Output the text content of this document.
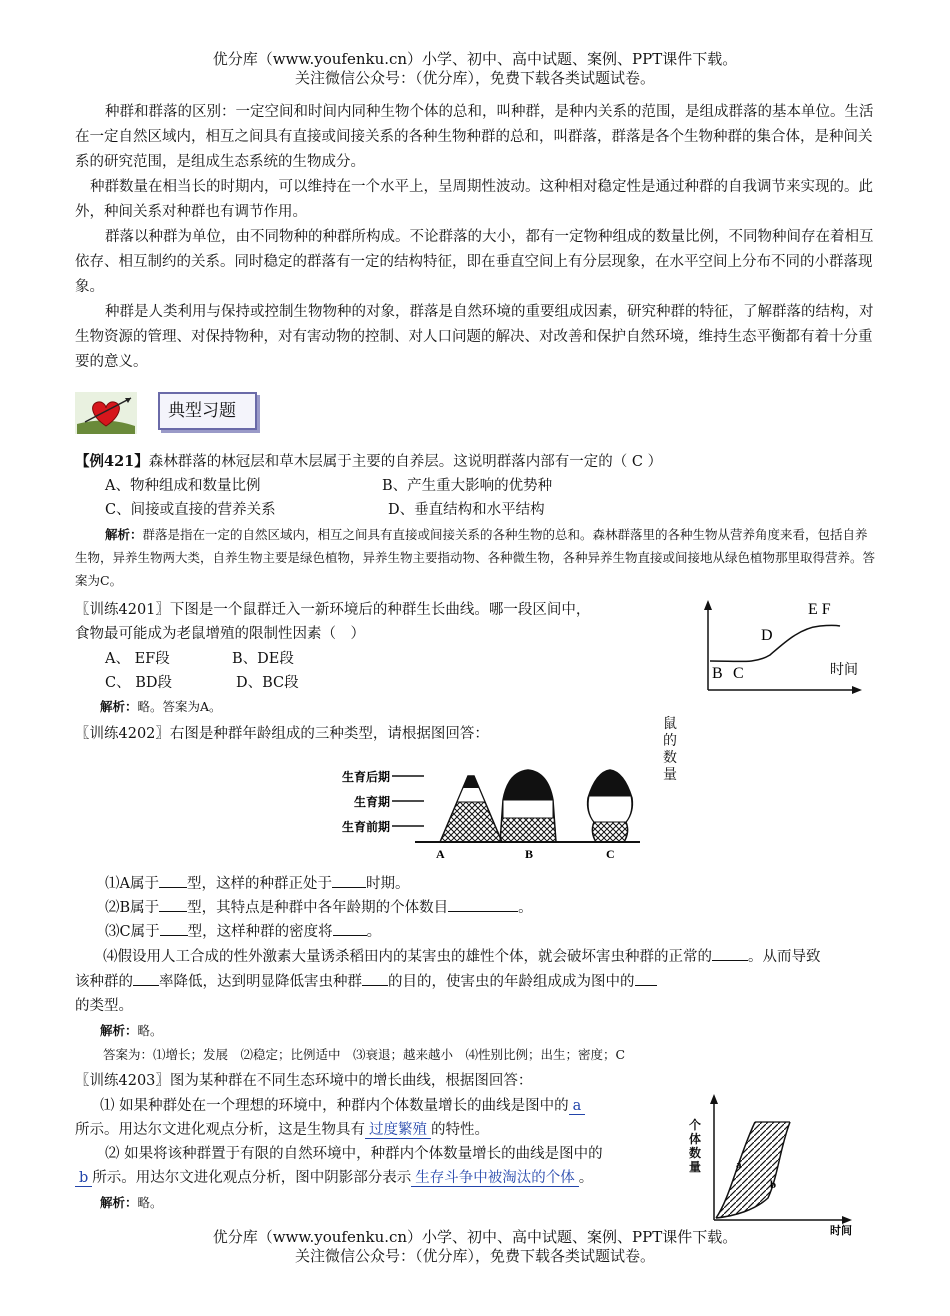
优分库（www.youfenku.cn）小学、初中、高中试题、案例、PPT课件下载。
关注微信公众号：（优分库），免费下载各类试题试卷。
种群和群落的区别：一定空间和时间内同种生物个体的总和，叫种群，是种内关系的范围，是组成群落的基本单位。生活在一定自然区域内，相互之间具有直接或间接关系的各种生物种群的总和，叫群落，群落是各个生物种群的集合体，是种间关系的研究范围，是组成生态系统的生物成分。
种群数量在相当长的时期内，可以维持在一个水平上，呈周期性波动。这种相对稳定性是通过种群的自我调节来实现的。此外，种间关系对种群也有调节作用。
群落以种群为单位，由不同物种的种群所构成。不论群落的大小，都有一定物种组成的数量比例，不同物种间存在着相互依存、相互制约的关系。同时稳定的群落有一定的结构特征，即在垂直空间上有分层现象，在水平空间上分布不同的小群落现象。
种群是人类利用与保持或控制生物物种的对象，群落是自然环境的重要组成因素，研究种群的特征，了解群落的结构，对生物资源的管理、对保持物种，对有害动物的控制、对人口问题的解决、对改善和保护自然环境，维持生态平衡都有着十分重要的意义。
典型习题
【例421】森林群落的林冠层和草木层属于主要的自养层。这说明群落内部有一定的（ C ）
A、物种组成和数量比例	B、产生重大影响的优势种
C、间接或直接的营养关系	D、垂直结构和水平结构
解析：群落是指在一定的自然区域内，相互之间具有直接或间接关系的各种生物的总和。森林群落里的各种生物从营养角度来看，包括自养生物，异养生物两大类，自养生物主要是绿色植物，异养生物主要指动物、各种微生物，各种异养生物直接或间接地从绿色植物那里取得营养。答案为C。
〖训练4201〗下图是一个鼠群迁入一新环境后的种群生长曲线。哪一段区间中，
食物最可能成为老鼠增殖的限制性因素（　）
A、 EF段	B、DE段
C、 BD段	D、BC段
解析：略。答案为A。
E F
D
B C	时间
鼠的数量
〖训练4202〗右图是种群年龄组成的三种类型，请根据图回答：
生育后期
生育期
生育前期
A	B	C
⑴A属于 型，这样的种群正处于 时期。
⑵B属于 型，其特点是种群中各年龄期的个体数目	。
⑶C属于 型，这样种群的密度将 。
⑷假设用人工合成的性外激素大量诱杀稻田内的某害虫的雄性个体，就会破坏害虫种群的正常的 。从而导致
该种群的 率降低，达到明显降低害虫种群 的目的，使害虫的年龄组成成为图中的
的类型。
解析：略。
答案为：⑴增长；发展　⑵稳定；比例适中　⑶衰退；越来越小　⑷性别比例；出生；密度；C
〖训练4203〗图为某种群在不同生态环境中的增长曲线，根据图回答：
⑴ 如果种群处在一个理想的环境中，种群内个体数量增长的曲线是图中的 a
所示。用达尔文进化观点分析，这是生物具有 过度繁殖 的特性。
⑵ 如果将该种群置于有限的自然环境中，种群内个体数量增长的曲线是图中的
b 所示。用达尔文进化观点分析，图中阴影部分表示 生存斗争中被淘汰的个体 。
解析：略。
个体数量	a
b
时间
优分库（www.youfenku.cn）小学、初中、高中试题、案例、PPT课件下载。
关注微信公众号：（优分库），免费下载各类试题试卷。
